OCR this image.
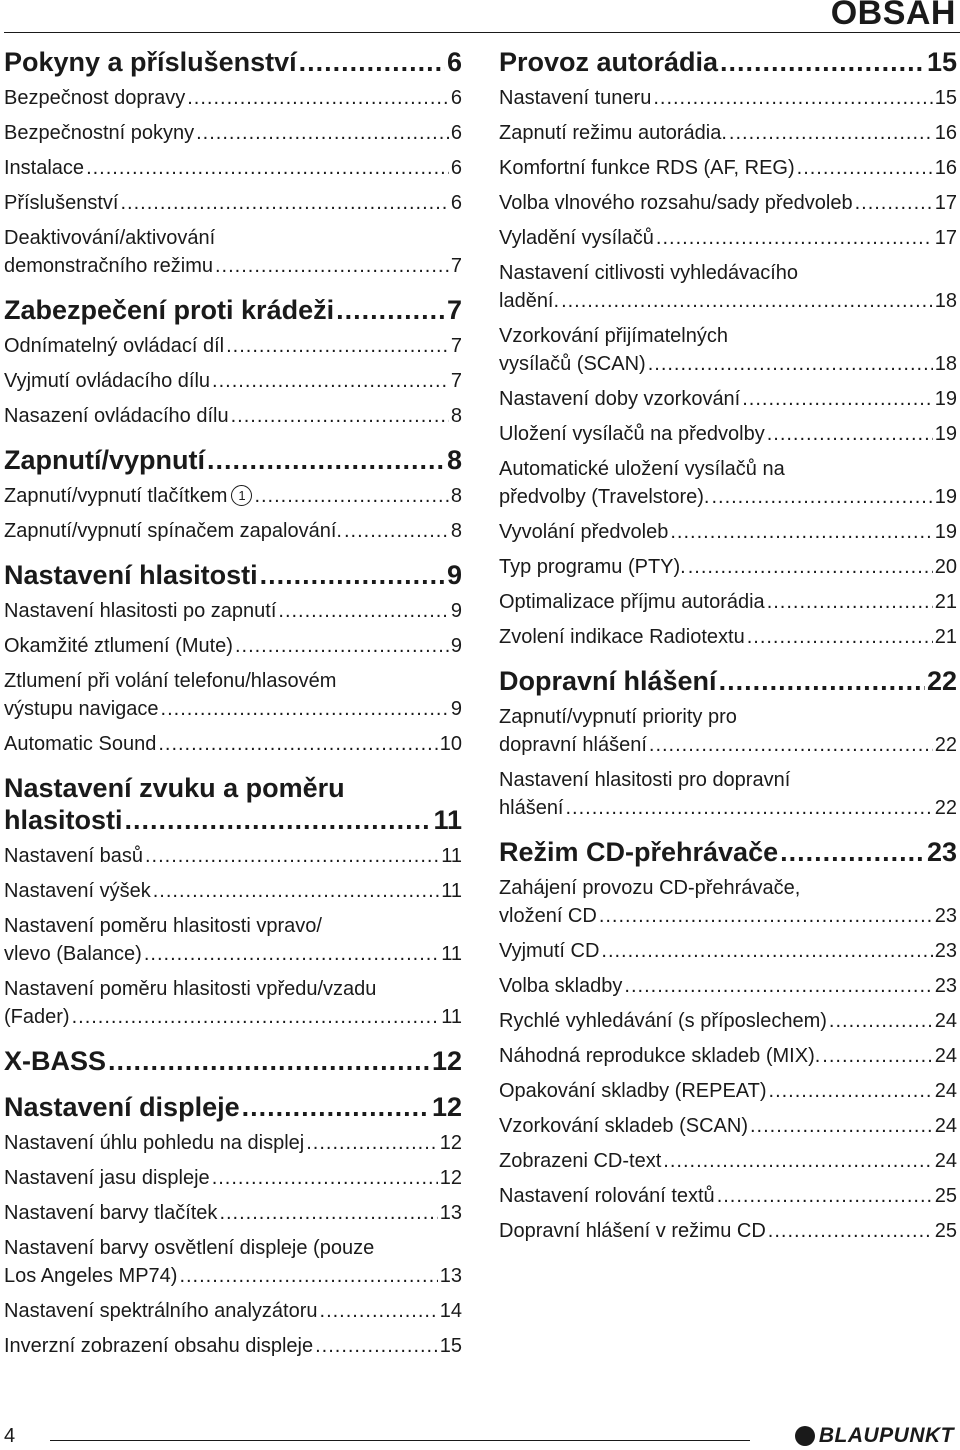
OBSAH
Pokyny a příslušenství .....	6
Bezpečnost dopravy .....	6
Bezpečnostní pokyny .....	6
Instalace .....	6
Příslušenství .....	6
Deaktivování/aktivování
demonstračního režimu .....	7
Zabezpečení proti krádeži .....	7
Odnímatelný ovládací díl .....	7
Vyjmutí ovládacího dílu .....	7
Nasazení ovládacího dílu .....	8
Zapnutí/vypnutí .....	8
Zapnutí/vypnutí tlačítkem 1 .....	8
Zapnutí/vypnutí spínačem zapalování. .....	8
Nastavení hlasitosti .....	9
Nastavení hlasitosti po zapnutí .....	9
Okamžité ztlumení (Mute) .....	9
Ztlumení při volání telefonu/hlasovém
výstupu navigace .....	9
Automatic Sound .....	10
Nastavení zvuku a poměru
hlasitosti .....	11
Nastavení basů .....	11
Nastavení výšek .....	11
Nastavení poměru hlasitosti vpravo/
vlevo (Balance) .....	11
Nastavení poměru hlasitosti vpředu/vzadu
(Fader) .....	11
X-BASS .....	12
Nastavení displeje .....	12
Nastavení úhlu pohledu na displej .....	12
Nastavení jasu displeje .....	12
Nastavení barvy tlačítek .....	13
Nastavení barvy osvětlení displeje (pouze
Los Angeles MP74) .....	13
Nastavení spektrálního analyzátoru .....	14
Inverzní zobrazení obsahu displeje .....	15
Provoz autorádia .....	15
Nastavení tuneru .....	15
Zapnutí režimu autorádia. .....	16
Komfortní funkce RDS (AF, REG) .....	16
Volba vlnového rozsahu/sady předvoleb .....	17
Vyladění vysílačů .....	17
Nastavení citlivosti vyhledávacího
ladění. .....	18
Vzorkování přijímatelných
vysílačů (SCAN) .....	18
Nastavení doby vzorkování .....	19
Uložení vysílačů na předvolby .....	19
Automatické uložení vysílačů na
předvolby (Travelstore). .....	19
Vyvolání předvoleb .....	19
Typ programu (PTY). .....	20
Optimalizace příjmu autorádia .....	21
Zvolení indikace Radiotextu .....	21
Dopravní hlášení .....	22
Zapnutí/vypnutí priority pro
dopravní hlášení .....	22
Nastavení hlasitosti pro dopravní
hlášení .....	22
Režim CD-přehrávače .....	23
Zahájení provozu CD-přehrávače,
vložení CD .....	23
Vyjmutí CD .....	23
Volba skladby .....	23
Rychlé vyhledávání (s příposlechem) .....	24
Náhodná reprodukce skladeb (MIX). .....	24
Opakování skladby (REPEAT) .....	24
Vzorkování skladeb (SCAN) .....	24
Zobrazeni CD-text .....	24
Nastavení rolování textů .....	25
Dopravní hlášení v režimu CD .....	25
4	BLAUPUNKT
